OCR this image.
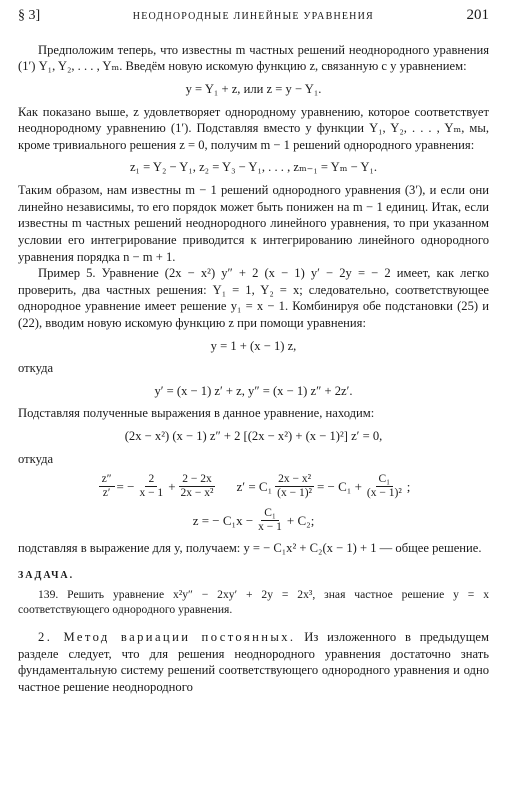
§ 3]	НЕОДНОРОДНЫЕ ЛИНЕЙНЫЕ УРАВНЕНИЯ	201

Предположим теперь, что известны m частных решений неоднородного уравнения (1′) Y₁, Y₂, . . . , Yₘ. Введём новую искомую функцию z, связанную с y уравнением:

y = Y₁ + z, или z = y − Y₁.

Как показано выше, z удовлетворяет однородному уравнению, которое соответствует неоднородному уравнению (1′). Подставляя вместо y функции Y₁, Y₂, . . . , Yₘ, мы, кроме тривиального решения z = 0, получим m − 1 решений однородного уравнения:

z₁ = Y₂ − Y₁, z₂ = Y₃ − Y₁, . . . , zₘ₋₁ = Yₘ − Y₁.

Таким образом, нам известны m − 1 решений однородного уравнения (3′), и если они линейно независимы, то его порядок может быть понижен на m − 1 единиц. Итак, если известны m частных решений неоднородного линейного уравнения, то при указанном условии его интегрирование приводится к интегрированию линейного однородного уравнения порядка n − m + 1.

Пример 5. Уравнение (2x − x²) y″ + 2 (x − 1) y′ − 2y = − 2 имеет, как легко проверить, два частных решения: Y₁ = 1, Y₂ = x; следовательно, соответствующее однородное уравнение имеет решение y₁ = x − 1. Комбинируя обе подстановки (25) и (22), вводим новую искомую функцию z при помощи уравнения:

y = 1 + (x − 1) z,

откуда

y′ = (x − 1) z′ + z, y″ = (x − 1) z″ + 2z′.

Подставляя полученные выражения в данное уравнение, находим:

(2x − x²) (x − 1) z″ + 2 [(2x − x²) + (x − 1)²] z′ = 0,

откуда

$\frac{z''}{z'}$ = − $\frac{2}{x - 1} + \frac{2 - 2x}{\text{2x − x²}} z' = C_1 \frac{\text{2x − x²}}{\text{(x − 1)²}}$ = − $C_1 + \frac{\text{C₁}}{\text{(x − 1)²}}$ ;
z = − $C_1x - \frac{\text{C₁}}{x - 1} + C_2$;

подставляя в выражение для y, получаем: y = − C₁x² + C₂(x − 1) + 1 — общее решение.

ЗАДАЧА.

139. Решить уравнение x²y″ − 2xy′ + 2y = 2x³, зная частное решение y = x соответствующего однородного уравнения.

2. Метод вариации постоянных. Из изложенного в предыдущем разделе следует, что для решения неоднородного уравнения достаточно знать фундаментальную систему решений соответствующего однородного уравнения и одно частное решение неоднородного
